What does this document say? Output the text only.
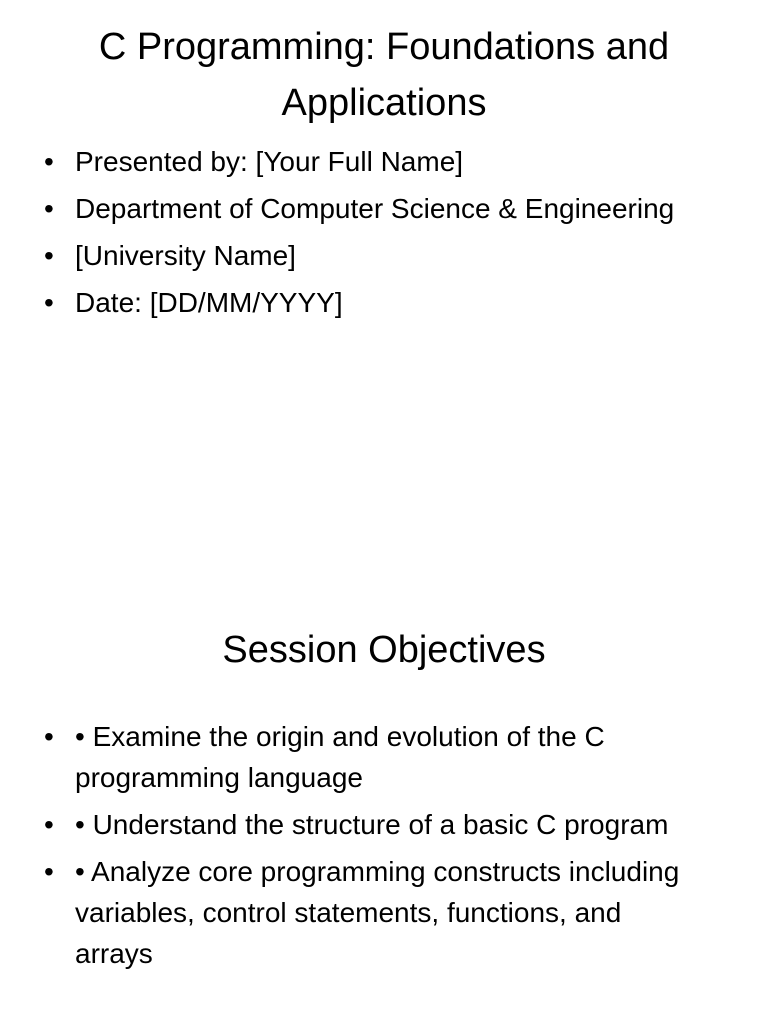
C Programming: Foundations and Applications
• Presented by: [Your Full Name]
• Department of Computer Science & Engineering
• [University Name]
• Date: [DD/MM/YYYY]
Session Objectives
• • Examine the origin and evolution of the C programming language
• • Understand the structure of a basic C program
• • Analyze core programming constructs including variables, control statements, functions, and arrays
